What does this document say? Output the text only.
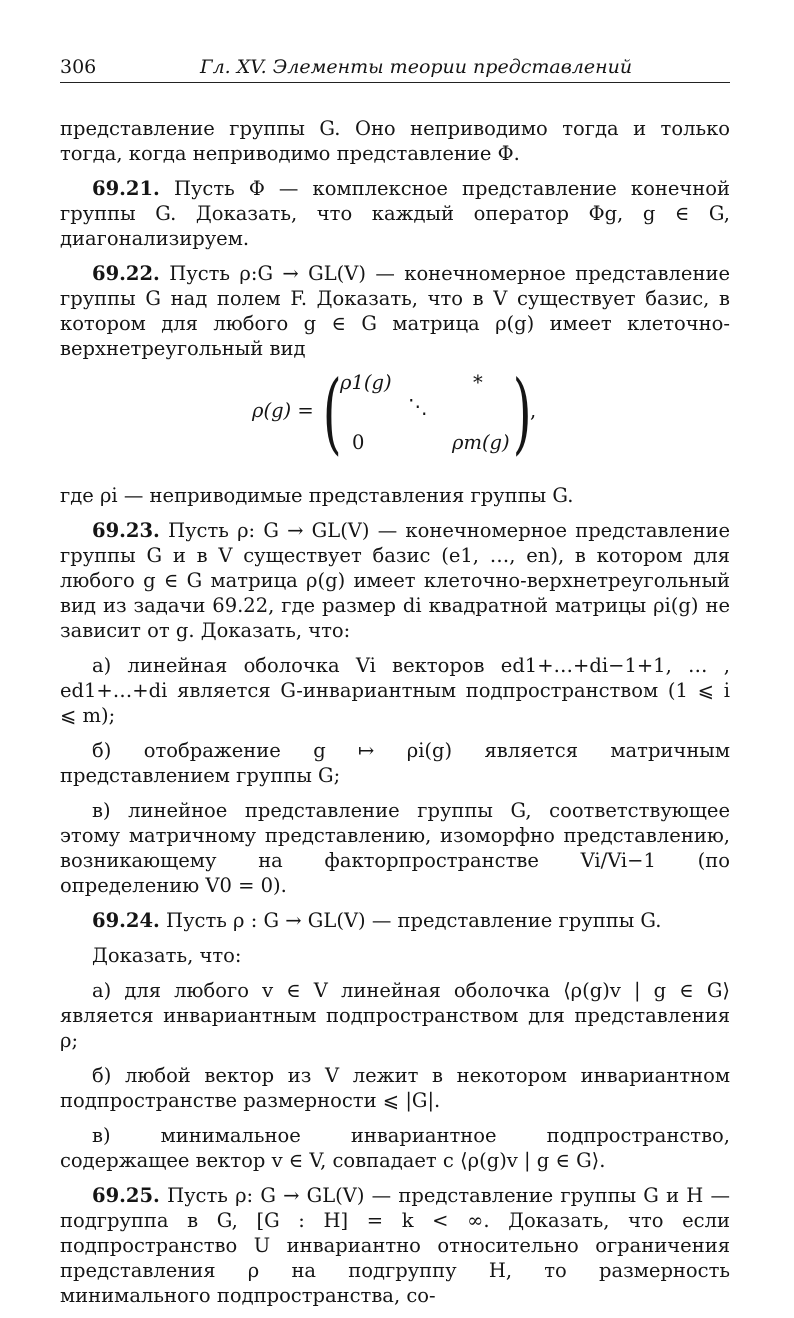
306	Гл. XV. Элементы теории представлений

представление группы G. Оно неприводимо тогда и только тогда, когда неприводимо представление Φ.

69.21. Пусть Φ — комплексное представление конечной группы G. Доказать, что каждый оператор Φg, g ∈ G, диагонализируем.

69.22. Пусть ρ:G → GL(V) — конечномерное представление группы G над полем F. Доказать, что в V существует базис, в котором для любого g ∈ G матрица ρ(g) имеет клеточно-верхнетреугольный вид

ρ(g) = (
ρ1(g)	*
⋱
0	ρm(g) )
,

где ρi — неприводимые представления группы G.

69.23. Пусть ρ: G → GL(V) — конечномерное представление группы G и в V существует базис (e1, …, en), в котором для любого g ∈ G матрица ρ(g) имеет клеточно-верхнетреугольный вид из задачи 69.22, где размер di квадратной матрицы ρi(g) не зависит от g. Доказать, что:

а) линейная оболочка Vi векторов ed1+…+di−1+1, … , ed1+…+di является G-инвариантным подпространством (1 ⩽ i ⩽ m);

б) отображение g ↦ ρi(g) является матричным представлением группы G;

в) линейное представление группы G, соответствующее этому матричному представлению, изоморфно представлению, возникающему на факторпространстве Vi/Vi−1 (по определению V0 = 0).

69.24. Пусть ρ : G → GL(V) — представление группы G.

Доказать, что:

а) для любого v ∈ V линейная оболочка ⟨ρ(g)v | g ∈ G⟩ является инвариантным подпространством для представления ρ;

б) любой вектор из V лежит в некотором инвариантном подпространстве размерности ⩽ |G|.

в) минимальное инвариантное подпространство, содержащее вектор v ∈ V, совпадает с ⟨ρ(g)v | g ∈ G⟩.

69.25. Пусть ρ: G → GL(V) — представление группы G и H — подгруппа в G, [G : H] = k < ∞. Доказать, что если подпространство U инвариантно относительно ограничения представления ρ на подгруппу H, то размерность минимального подпространства, со-
